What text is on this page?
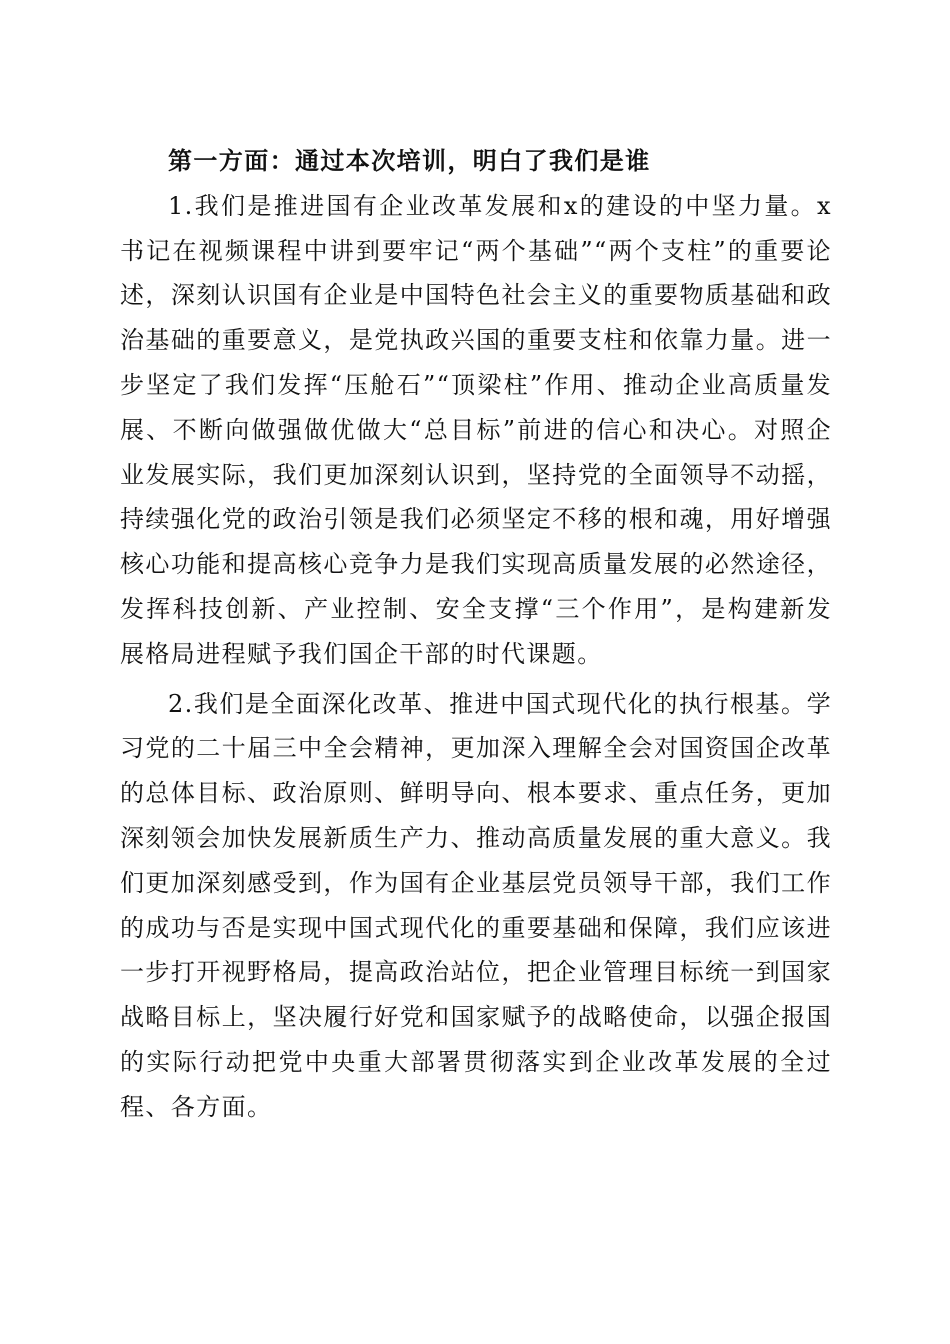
第一方面：通过本次培训，明白了我们是谁

1.我们是推进国有企业改革发展和x的建设的中坚力量。x书记在视频课程中讲到要牢记“两个基础”“两个支柱”的重要论述，深刻认识国有企业是中国特色社会主义的重要物质基础和政治基础的重要意义，是党执政兴国的重要支柱和依靠力量。进一步坚定了我们发挥“压舱石”“顶梁柱”作用、推动企业高质量发展、不断向做强做优做大“总目标”前进的信心和决心。对照企业发展实际，我们更加深刻认识到，坚持党的全面领导不动摇，持续强化党的政治引领是我们必须坚定不移的根和魂，用好增强核心功能和提高核心竞争力是我们实现高质量发展的必然途径，发挥科技创新、产业控制、安全支撑“三个作用”，是构建新发展格局进程赋予我们国企干部的时代课题。

2.我们是全面深化改革、推进中国式现代化的执行根基。学习党的二十届三中全会精神，更加深入理解全会对国资国企改革的总体目标、政治原则、鲜明导向、根本要求、重点任务，更加深刻领会加快发展新质生产力、推动高质量发展的重大意义。我们更加深刻感受到，作为国有企业基层党员领导干部，我们工作的成功与否是实现中国式现代化的重要基础和保障，我们应该进一步打开视野格局，提高政治站位，把企业管理目标统一到国家战略目标上，坚决履行好党和国家赋予的战略使命，以强企报国的实际行动把党中央重大部署贯彻落实到企业改革发展的全过程、各方面。
